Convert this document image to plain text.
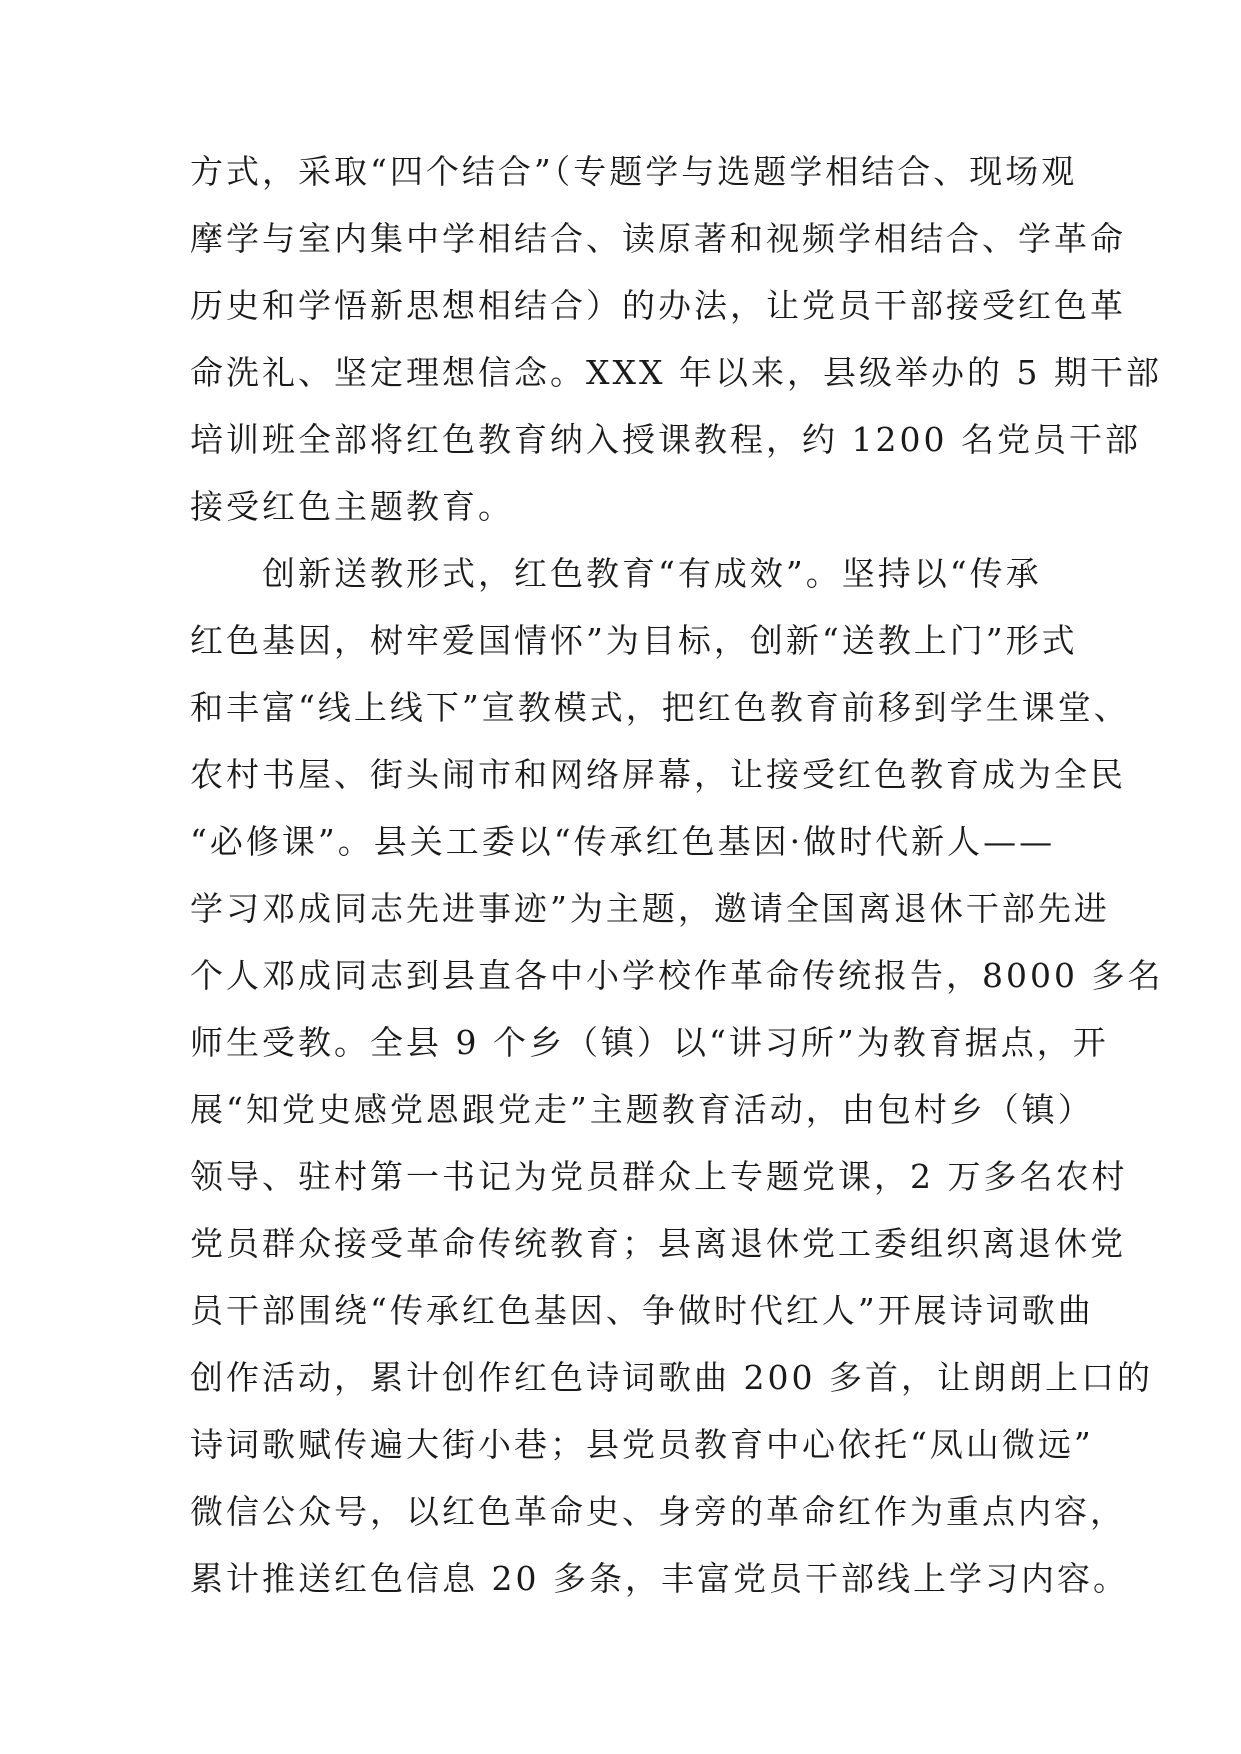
方式，采取“四个结合”（专题学与选题学相结合、现场观
摩学与室内集中学相结合、读原著和视频学相结合、学革命
历史和学悟新思想相结合）的办法，让党员干部接受红色革
命洗礼、坚定理想信念。XXX 年以来，县级举办的 5 期干部
培训班全部将红色教育纳入授课教程，约 1200 名党员干部
接受红色主题教育。
创新送教形式，红色教育“有成效”。坚持以“传承
红色基因，树牢爱国情怀”为目标，创新“送教上门”形式
和丰富“线上线下”宣教模式，把红色教育前移到学生课堂、
农村书屋、街头闹市和网络屏幕，让接受红色教育成为全民
“必修课”。县关工委以“传承红色基因·做时代新人——
学习邓成同志先进事迹”为主题，邀请全国离退休干部先进
个人邓成同志到县直各中小学校作革命传统报告，8000 多名
师生受教。全县 9 个乡（镇）以“讲习所”为教育据点，开
展“知党史感党恩跟党走”主题教育活动，由包村乡（镇）
领导、驻村第一书记为党员群众上专题党课，2 万多名农村
党员群众接受革命传统教育；县离退休党工委组织离退休党
员干部围绕“传承红色基因、争做时代红人”开展诗词歌曲
创作活动，累计创作红色诗词歌曲 200 多首，让朗朗上口的
诗词歌赋传遍大街小巷；县党员教育中心依托“凤山微远”
微信公众号，以红色革命史、身旁的革命红作为重点内容，
累计推送红色信息 20 多条，丰富党员干部线上学习内容。
